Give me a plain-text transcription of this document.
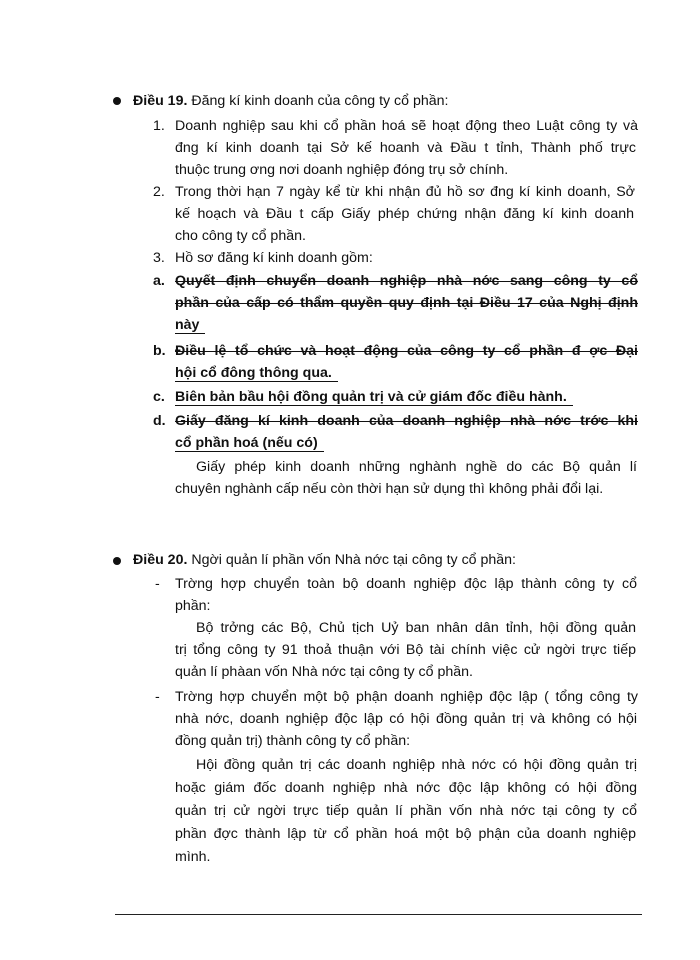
Điều 19. Đăng kí kinh doanh của công ty cổ phần:
1. Doanh nghiệp sau khi cổ phần hoá sẽ hoạt động theo Luật công ty và
đng kí kinh doanh tại Sở kế hoanh và Đầu t tỉnh, Thành phố trực
thuộc trung ơng nơi doanh nghiệp đóng trụ sở chính.
2. Trong thời hạn 7 ngày kể từ khi nhận đủ hồ sơ đng kí kinh doanh, Sở
kế hoạch và Đầu t cấp Giấy phép chứng nhận đăng kí kinh doanh
cho công ty cổ phần.
3. Hồ sơ đăng kí kinh doanh gồm:
a. Quyết định chuyển doanh nghiệp nhà nớc sang công ty cổ
phần của cấp có thẩm quyền quy định tại Điều 17 của Nghị định
này
b. Điều lệ tổ chức và hoạt động của công ty cổ phần đ ợc Đại
hội cổ đông thông qua.
c. Biên bản bầu hội đồng quản trị và cử giám đốc điều hành.
d. Giấy đăng kí kinh doanh của doanh nghiệp nhà nớc trớc khi
cổ phần hoá (nếu có)
Giấy phép kinh doanh những nghành nghề do các Bộ quản lí
chuyên nghành cấp nếu còn thời hạn sử dụng thì không phải đổi lại.
Điều 20. Ngời quản lí phần vốn Nhà nớc tại công ty cổ phần:
- Trờng hợp chuyển toàn bộ doanh nghiệp độc lập thành công ty cổ
phần:
Bộ trởng các Bộ, Chủ tịch Uỷ ban nhân dân tỉnh, hội đồng quản
trị tổng công ty 91 thoả thuận với Bộ tài chính việc cử ngời trực tiếp
quản lí phàan vốn Nhà nớc tại công ty cổ phần.
- Trờng hợp chuyển một bộ phận doanh nghiệp độc lập ( tổng công ty
nhà nớc, doanh nghiệp độc lập có hội đồng quản trị và không có hội
đồng quản trị) thành công ty cổ phần:
Hội đồng quản trị các doanh nghiệp nhà nớc có hội đồng quản trị
hoặc giám đốc doanh nghiệp nhà nớc độc lập không có hội đồng
quản trị cử ngời trực tiếp quản lí phần vốn nhà nớc tại công ty cổ
phần đợc thành lập từ cổ phần hoá một bộ phận của doanh nghiệp
mình.
